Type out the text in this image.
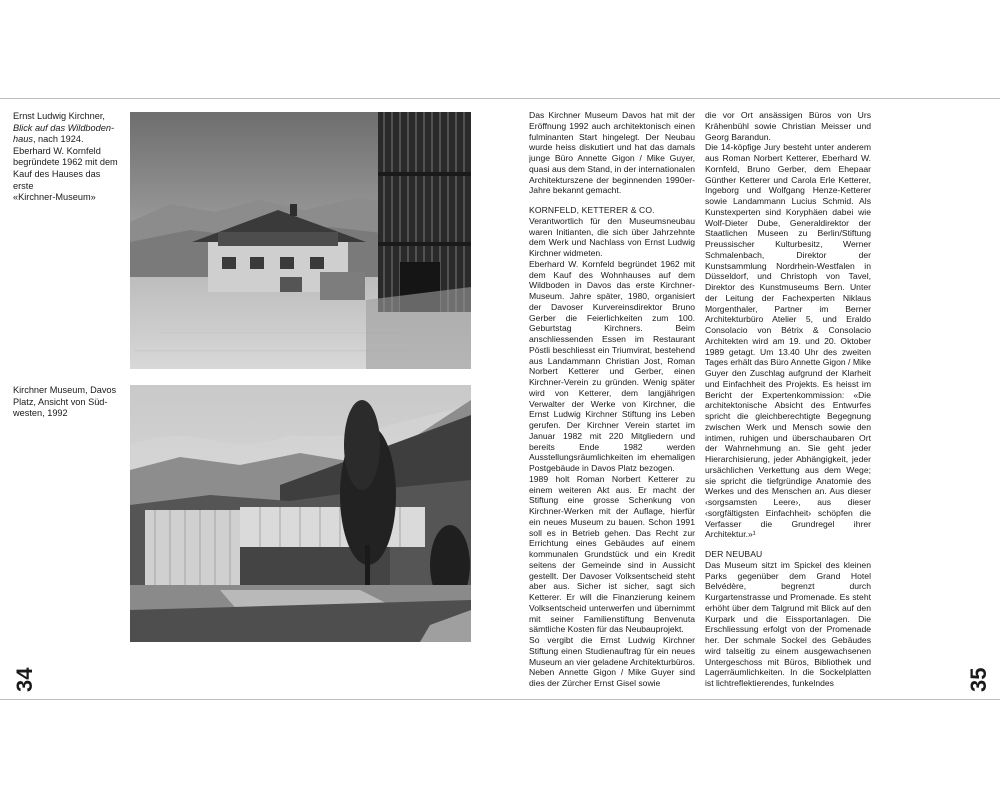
Ernst Ludwig Kirchner,
Blick auf das Wildboden-
haus, nach 1924.
Eberhard W. Kornfeld
begründete 1962 mit dem
Kauf des Hauses das erste
«Kirchner-Museum»
Kirchner Museum, Davos
Platz, Ansicht von Süd-
westen, 1992
34

Das Kirchner Museum Davos hat mit der Eröffnung 1992 auch architektonisch einen fulminanten Start hingelegt. Der Neubau wurde heiss diskutiert und hat das damals junge Büro Annette Gigon / Mike Guyer, quasi aus dem Stand, in der internationalen Architekturszene der beginnenden 1990er-Jahre bekannt gemacht.

KORNFELD, KETTERER & CO.

Verantwortlich für den Museumsneubau waren Initianten, die sich über Jahrzehnte dem Werk und Nachlass von Ernst Ludwig Kirchner widmeten.

Eberhard W. Kornfeld begründet 1962 mit dem Kauf des Wohnhauses auf dem Wildboden in Davos das erste Kirchner-Museum. Jahre später, 1980, organisiert der Davoser Kurvereinsdirektor Bruno Gerber die Feierlichkeiten zum 100. Geburtstag Kirchners. Beim anschliessenden Essen im Restaurant Pöstli beschliesst ein Triumvirat, bestehend aus Landammann Christian Jost, Roman Norbert Ketterer und Gerber, einen Kirchner-Verein zu gründen. Wenig später wird von Ketterer, dem langjährigen Verwalter der Werke von Kirchner, die Ernst Ludwig Kirchner Stiftung ins Leben gerufen. Der Kirchner Verein startet im Januar 1982 mit 220 Mitgliedern und bereits Ende 1982 werden Ausstellungsräumlichkeiten im ehemaligen Postgebäude in Davos Platz bezogen.

1989 holt Roman Norbert Ketterer zu einem weiteren Akt aus. Er macht der Stiftung eine grosse Schenkung von Kirchner-Werken mit der Auflage, hierfür ein neues Museum zu bauen. Schon 1991 soll es in Betrieb gehen. Das Recht zur Errichtung eines Gebäudes auf einem kommunalen Grundstück und ein Kredit seitens der Gemeinde sind in Aussicht gestellt. Der Davoser Volksentscheid steht aber aus. Sicher ist sicher, sagt sich Ketterer. Er will die Finanzierung keinem Volksentscheid unterwerfen und übernimmt mit seiner Familienstiftung Benvenuta sämtliche Kosten für das Neubauprojekt.

So vergibt die Ernst Ludwig Kirchner Stiftung einen Studienauftrag für ein neues Museum an vier geladene Architekturbüros. Neben Annette Gigon / Mike Guyer sind dies der Zürcher Ernst Gisel sowie

die vor Ort ansässigen Büros von Urs Krähenbühl sowie Christian Meisser und Georg Barandun.

Die 14-köpfige Jury besteht unter anderem aus Roman Norbert Ketterer, Eberhard W. Kornfeld, Bruno Gerber, dem Ehepaar Günther Ketterer und Carola Erle Ketterer, Ingeborg und Wolfgang Henze-Ketterer sowie Landammann Lucius Schmid. Als Kunstexperten sind Koryphäen dabei wie Wolf-Dieter Dube, Generaldirektor der Staatlichen Museen zu Berlin/Stiftung Preussischer Kulturbesitz, Werner Schmalenbach, Direktor der Kunstsammlung Nordrhein-Westfalen in Düsseldorf, und Christoph von Tavel, Direktor des Kunstmuseums Bern. Unter der Leitung der Fachexperten Niklaus Morgenthaler, Partner im Berner Architekturbüro Atelier 5, und Eraldo Consolacio von Bétrix & Consolacio Architekten wird am 19. und 20. Oktober 1989 getagt. Um 13.40 Uhr des zweiten Tages erhält das Büro Annette Gigon / Mike Guyer den Zuschlag aufgrund der Klarheit und Einfachheit des Projekts. Es heisst im Bericht der Expertenkommission: «Die architektonische Absicht des Entwurfes spricht die gleichberechtigte Begegnung zwischen Werk und Mensch sowie den intimen, ruhigen und überschaubaren Ort der Wahrnehmung an. Sie geht jeder Hierarchisierung, jeder Abhängigkeit, jeder ursächlichen Verkettung aus dem Wege; sie spricht die tiefgründige Anatomie des Werkes und des Menschen an. Aus dieser ‹sorgsamsten Leere›, aus dieser ‹sorgfältigsten Einfachheit› schöpfen die Verfasser die Grundregel ihrer Architektur.»¹

DER NEUBAU

Das Museum sitzt im Spickel des kleinen Parks gegenüber dem Grand Hotel Belvédère, begrenzt durch Kurgartenstrasse und Promenade. Es steht erhöht über dem Talgrund mit Blick auf den Kurpark und die Eissportanlagen. Die Erschliessung erfolgt von der Promenade her. Der schmale Sockel des Gebäudes wird talseitig zu einem ausgewachsenen Untergeschoss mit Büros, Bibliothek und Lagerräumlichkeiten. In die Sockelplatten ist lichtreflektierendes, funkelndes	35
